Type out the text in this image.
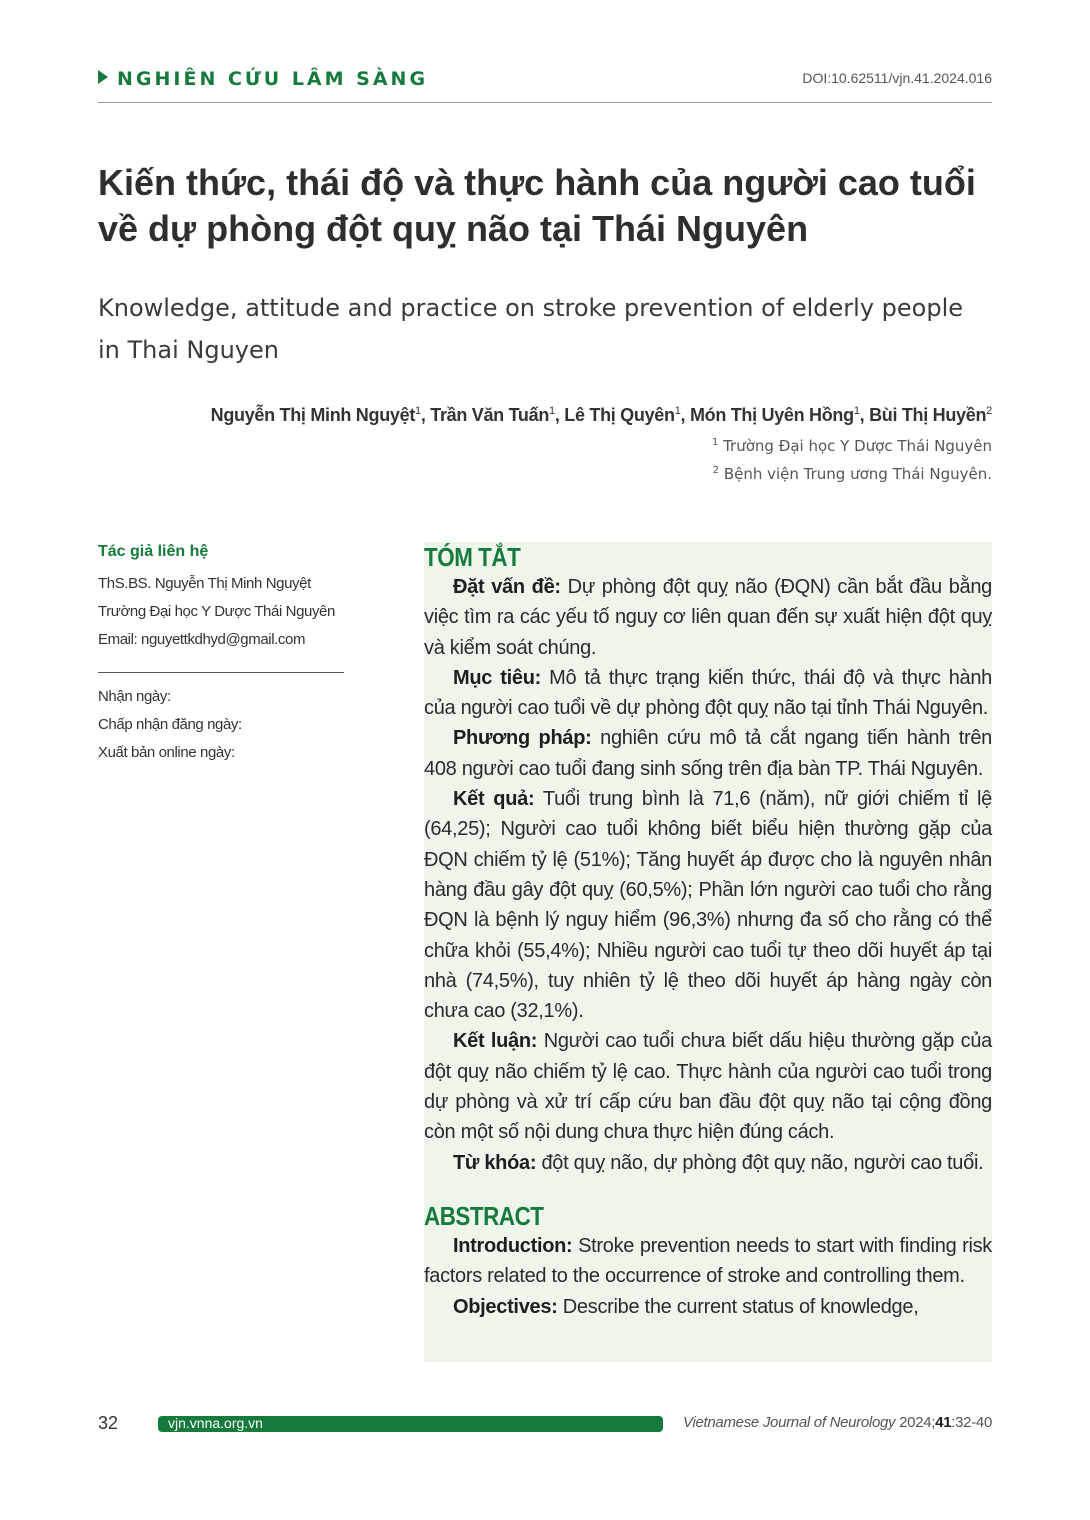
NGHIÊN CỨU LÂM SÀNG	DOI:10.62511/vjn.41.2024.016
Kiến thức, thái độ và thực hành của người cao tuổi
về dự phòng đột quỵ não tại Thái Nguyên
Knowledge, attitude and practice on stroke prevention of elderly people
in Thai Nguyen
Nguyễn Thị Minh Nguyệt$^1$, Trần Văn Tuấn$^1$, Lê Thị Quyên$^1$, Món Thị Uyên Hồng$^1$, Bùi Thị Huyền$^2$
$^1$ Trường Đại học Y Dược Thái Nguyên
$^2$ Bệnh viện Trung ương Thái Nguyên.
Tác giả liên hệ
ThS.BS. Nguyễn Thị Minh Nguyệt
Trường Đại học Y Dược Thái Nguyên
Email: nguyettkdhyd@gmail.com
Nhận ngày:
Chấp nhận đăng ngày:
Xuất bản online ngày:
TÓM TẮT

Đặt vấn đề: Dự phòng đột quỵ não (ĐQN) cần bắt đầu bằng việc tìm ra các yếu tố nguy cơ liên quan đến sự xuất hiện đột quỵ và kiểm soát chúng.

Mục tiêu: Mô tả thực trạng kiến thức, thái độ và thực hành của người cao tuổi về dự phòng đột quỵ não tại tỉnh Thái Nguyên.

Phương pháp: nghiên cứu mô tả cắt ngang tiến hành trên 408 người cao tuổi đang sinh sống trên địa bàn TP. Thái Nguyên.

Kết quả: Tuổi trung bình là 71,6 (năm), nữ giới chiếm tỉ lệ (64,25); Người cao tuổi không biết biểu hiện thường gặp của ĐQN chiếm tỷ lệ (51%); Tăng huyết áp được cho là nguyên nhân hàng đầu gây đột quỵ (60,5%); Phần lớn người cao tuổi cho rằng ĐQN là bệnh lý nguy hiểm (96,3%) nhưng đa số cho rằng có thể chữa khỏi (55,4%); Nhiều người cao tuổi tự theo dõi huyết áp tại nhà (74,5%), tuy nhiên tỷ lệ theo dõi huyết áp hàng ngày còn chưa cao (32,1%).

Kết luận: Người cao tuổi chưa biết dấu hiệu thường gặp của đột quỵ não chiếm tỷ lệ cao. Thực hành của người cao tuổi trong dự phòng và xử trí cấp cứu ban đầu đột quỵ não tại cộng đồng còn một số nội dung chưa thực hiện đúng cách.

Từ khóa: đột quỵ não, dự phòng đột quỵ não, người cao tuổi.

ABSTRACT

Introduction: Stroke prevention needs to start with finding risk factors related to the occurrence of stroke and controlling them.

Objectives: Describe the current status of knowledge,

32	vjn.vnna.org.vn	Vietnamese Journal of Neurology 2024;41:32-40
